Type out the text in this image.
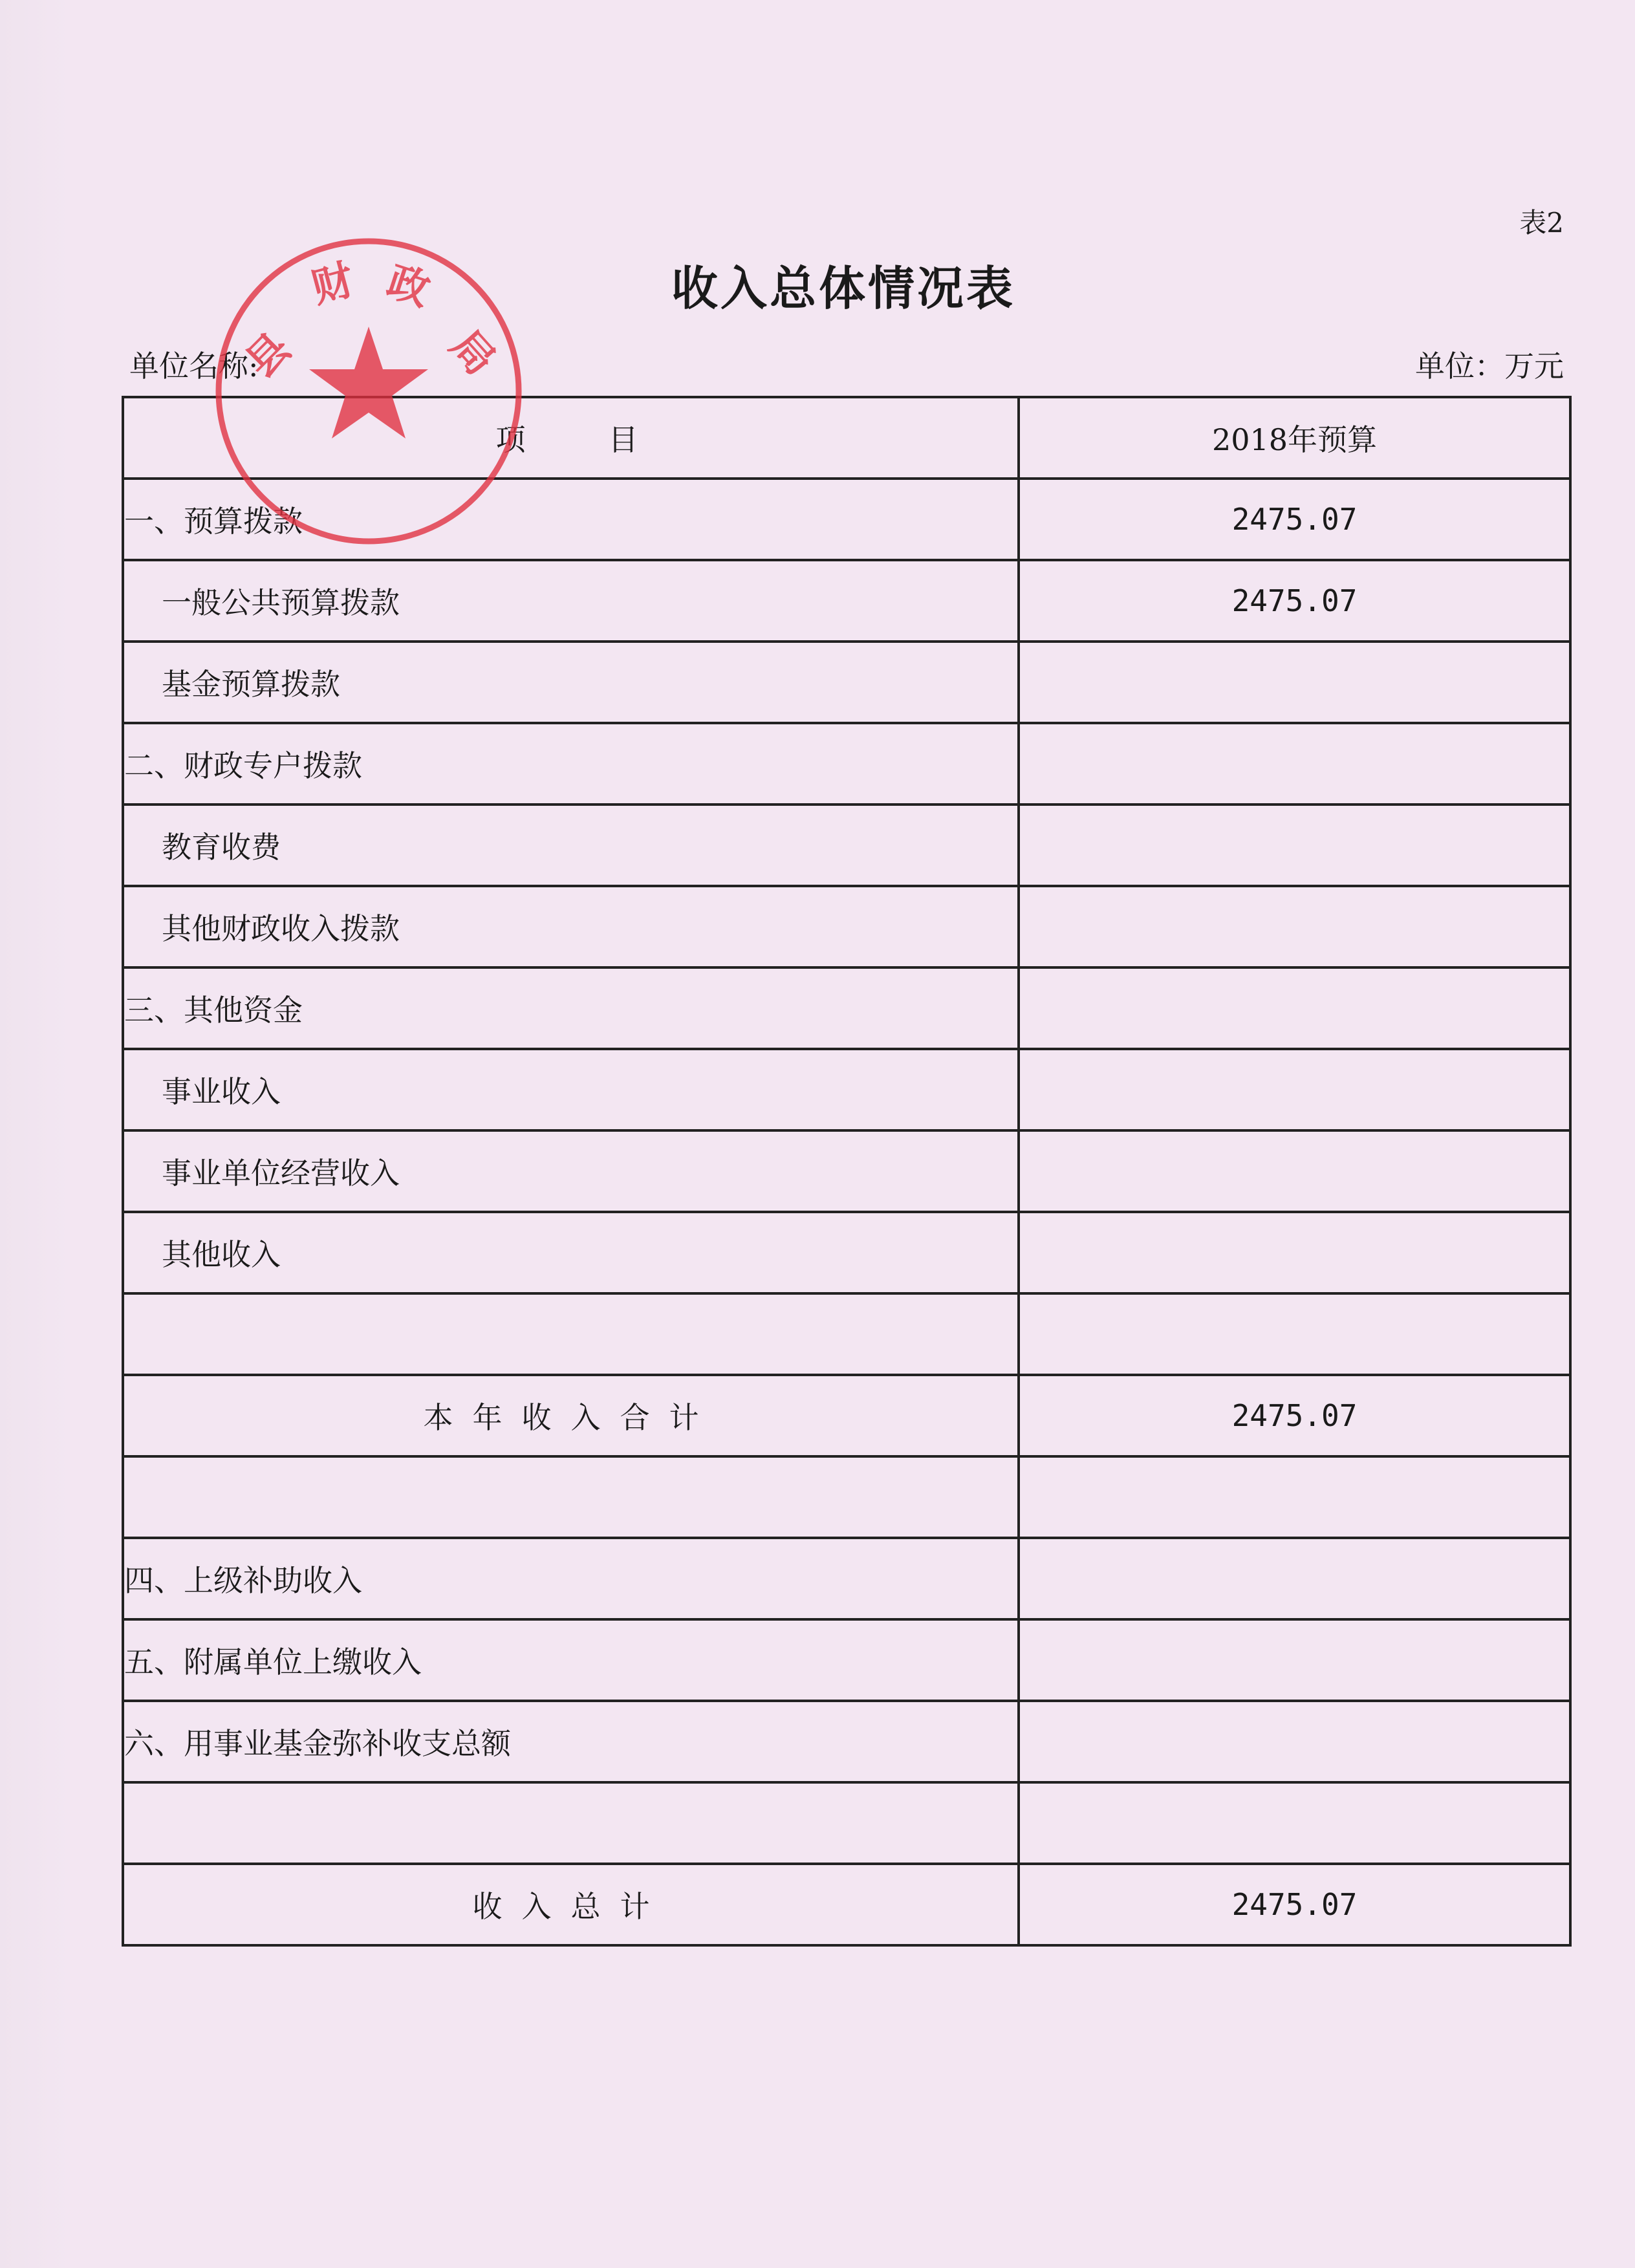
表2
收入总体情况表
单位名称:	单位：万元
项　　目	2018年预算
一、预算拨款	2475.07
一般公共预算拨款	2475.07
基金预算拨款	
二、财政专户拨款	
教育收费	
其他财政收入拨款	
三、其他资金	
事业收入	
事业单位经营收入	
其他收入	

本年收入合计	2475.07

四、上级补助收入	
五、附属单位上缴收入	
六、用事业基金弥补收支总额	

收入总计	2475.07
县
财 政
局
